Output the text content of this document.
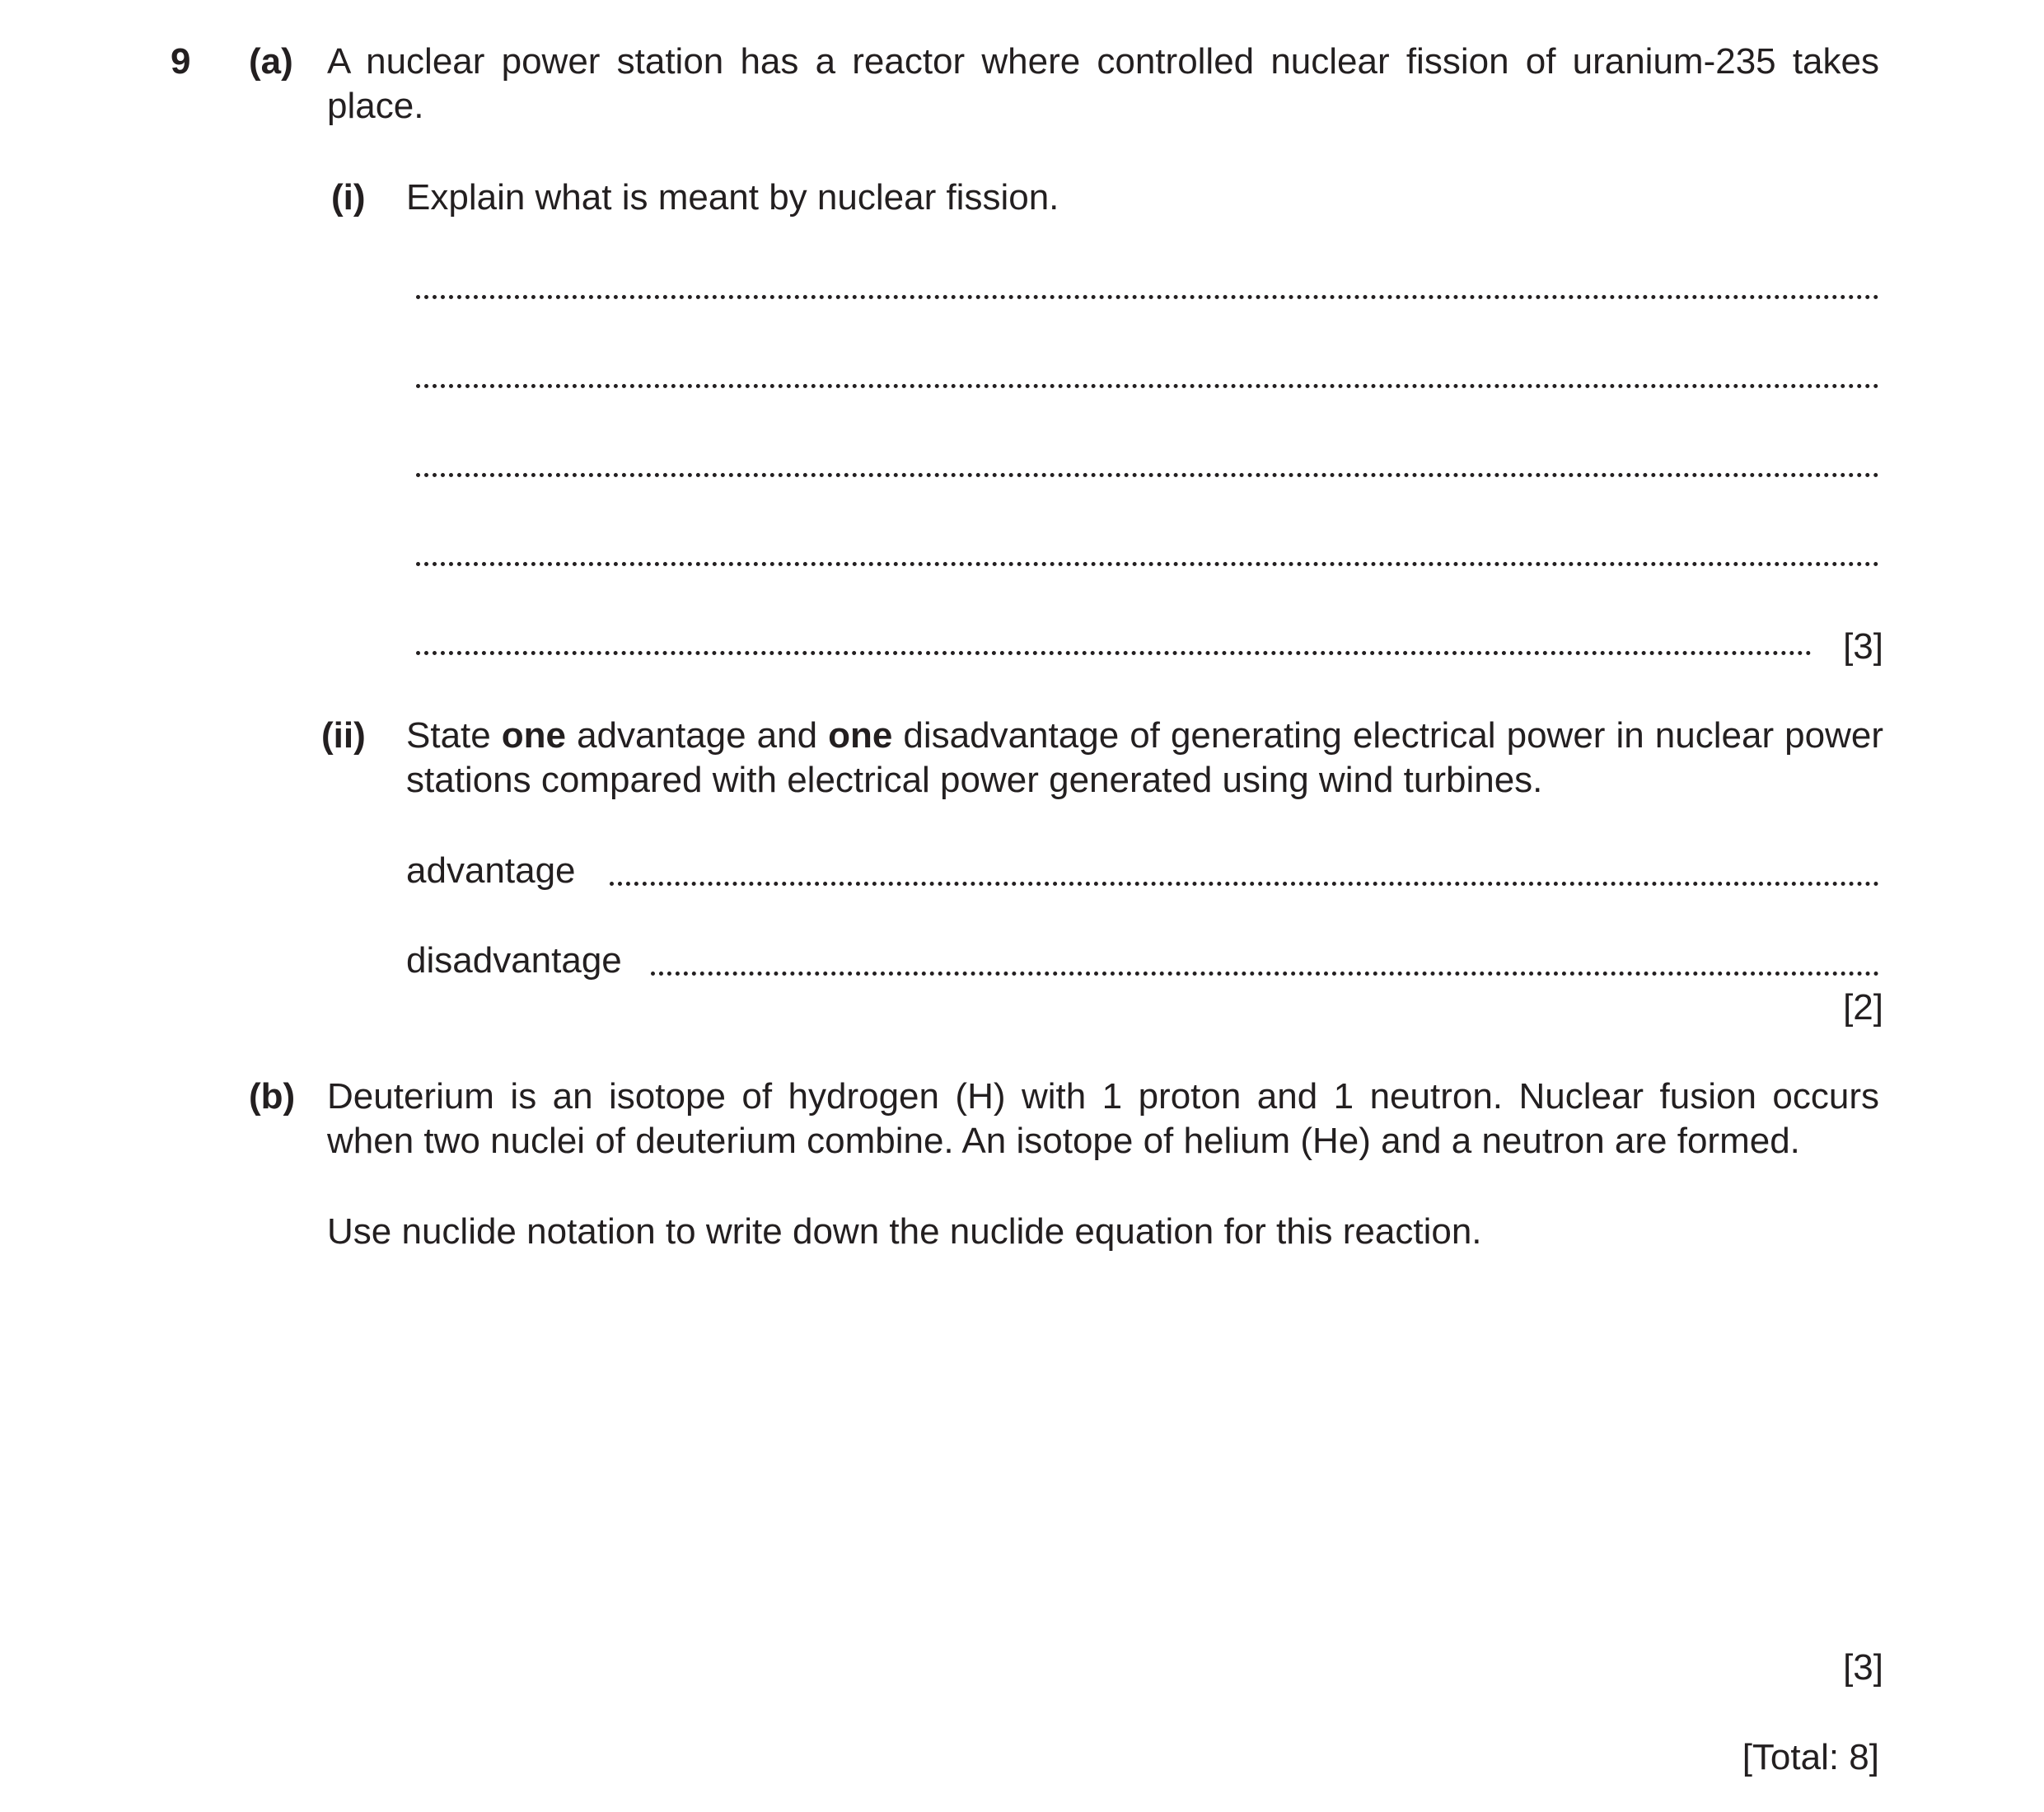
9 (a) A nuclear power station has a reactor where controlled nuclear fission of uranium-235 takes place.
(i) Explain what is meant by nuclear fission.
[3]
(ii) State one advantage and one disadvantage of generating electrical power in nuclear power stations compared with electrical power generated using wind turbines.
advantage
disadvantage
[2]
(b) Deuterium is an isotope of hydrogen (H) with 1 proton and 1 neutron. Nuclear fusion occurs when two nuclei of deuterium combine. An isotope of helium (He) and a neutron are formed.
Use nuclide notation to write down the nuclide equation for this reaction.
[3]
[Total: 8]
